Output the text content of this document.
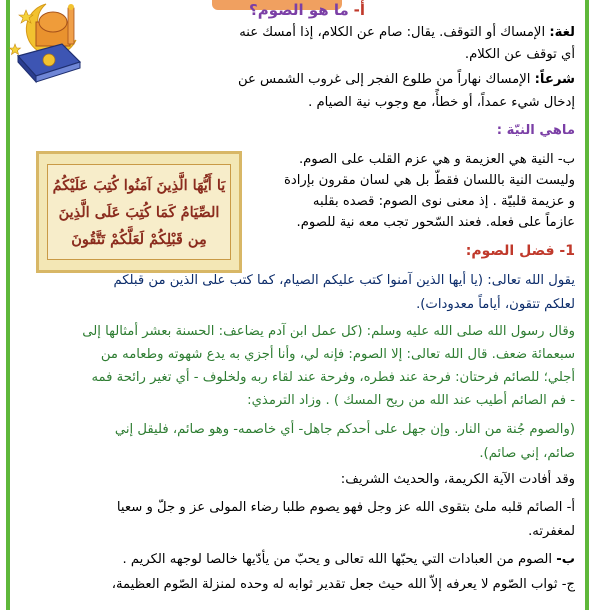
يَا أَيُّهَا الَّذِينَ آمَنُوا كُتِبَ عَلَيْكُمُ
الصِّيَامُ كَمَا كُتِبَ عَلَى الَّذِينَ
مِن قَبْلِكُمْ لَعَلَّكُمْ تَتَّقُونَ
أ- ما هو الصوم؟
لغة: الإمساك أو التوقف. يقال: صام عن الكلام، إذا أمسك عنه
أي توقف عن الكلام.
شرعاً: الإمساك نهاراً من طلوع الفجر إلى غروب الشمس عن
إدخال شيء عمداً، أو خطأً، مع وجوب نية الصيام .
ماهي النيّة :
ب- النية هي العزيمة و هي عزم القلب على الصوم.
وليست النية باللسان فقطّ بل هي لسان مقرون بإرادة
و عزيمة قلبيّة . إذ معنى نوى الصوم: قصده بقلبه
عازماً على فعله. فعند السّحور تجب معه نية للصوم.
1- فضل الصوم:
يقول الله تعالى: (يا أيها الذين آمنوا كتب عليكم الصيام، كما كتب على الذين من قبلكم
لعلكم تتقون، أياماً معدودات).
وقال رسول الله صلى الله عليه وسلم: (كل عمل ابن آدم يضاعف: الحسنة بعشر أمثالها إلى
سبعمائة ضعف. قال الله تعالى: إلا الصوم: فإنه لي، وأنا أجزي به يدع شهوته وطعامه من
أجلي؛ للصائم فرحتان: فرحة عند فطره، وفرحة عند لقاء ربه ولخلوف - أي تغير رائحة فمه
- فم الصائم أطيب عند الله من ريح المسك ) . وزاد الترمذي:
(والصوم جُنة من النار. وإن جهل على أحدكم جاهل- أي خاصمه- وهو صائم، فليقل إني
صائم، إني صائم).
وقد أفادت الآية الكريمة، والحديث الشريف:
أ- الصائم قلبه ملئ بتقوى الله عز وجل فهو يصوم طلبا رضاء المولى عز و جلّ و سعيا
لمغفرته.
ب- الصوم من العبادات التي يحبّها الله تعالى و يحبّ من يأدّيها خالصا لوجهه الكريم .
ج- ثواب الصّوم لا يعرفه إلاّ الله حيث جعل تقدير ثوابه له وحده لمنزلة الصّوم العظيمة،
